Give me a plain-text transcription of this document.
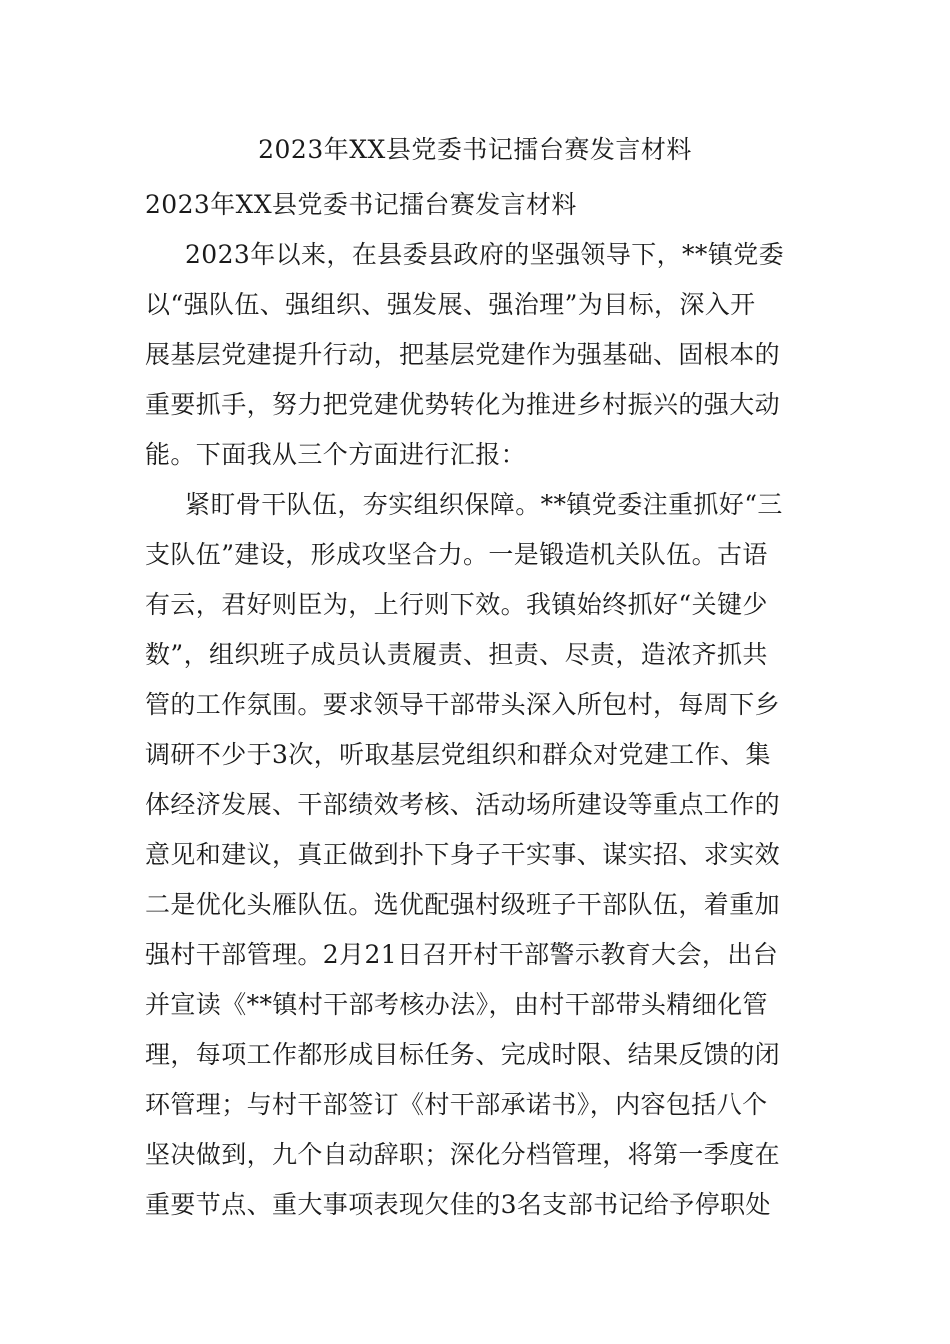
2023年XX县党委书记擂台赛发言材料
2023年XX县党委书记擂台赛发言材料
2023年以来，在县委县政府的坚强领导下，**镇党委
以“强队伍、强组织、强发展、强治理”为目标，深入开
展基层党建提升行动，把基层党建作为强基础、固根本的
重要抓手，努力把党建优势转化为推进乡村振兴的强大动
能。下面我从三个方面进行汇报：
紧盯骨干队伍，夯实组织保障。**镇党委注重抓好“三
支队伍”建设，形成攻坚合力。一是锻造机关队伍。古语
有云，君好则臣为，上行则下效。我镇始终抓好“关键少
数”，组织班子成员认责履责、担责、尽责，造浓齐抓共
管的工作氛围。要求领导干部带头深入所包村，每周下乡
调研不少于3次，听取基层党组织和群众对党建工作、集
体经济发展、干部绩效考核、活动场所建设等重点工作的
意见和建议，真正做到扑下身子干实事、谋实招、求实效
二是优化头雁队伍。选优配强村级班子干部队伍，着重加
强村干部管理。2月21日召开村干部警示教育大会，出台
并宣读《**镇村干部考核办法》，由村干部带头精细化管
理，每项工作都形成目标任务、完成时限、结果反馈的闭
环管理；与村干部签订《村干部承诺书》，内容包括八个
坚决做到，九个自动辞职；深化分档管理，将第一季度在
重要节点、重大事项表现欠佳的3名支部书记给予停职处
